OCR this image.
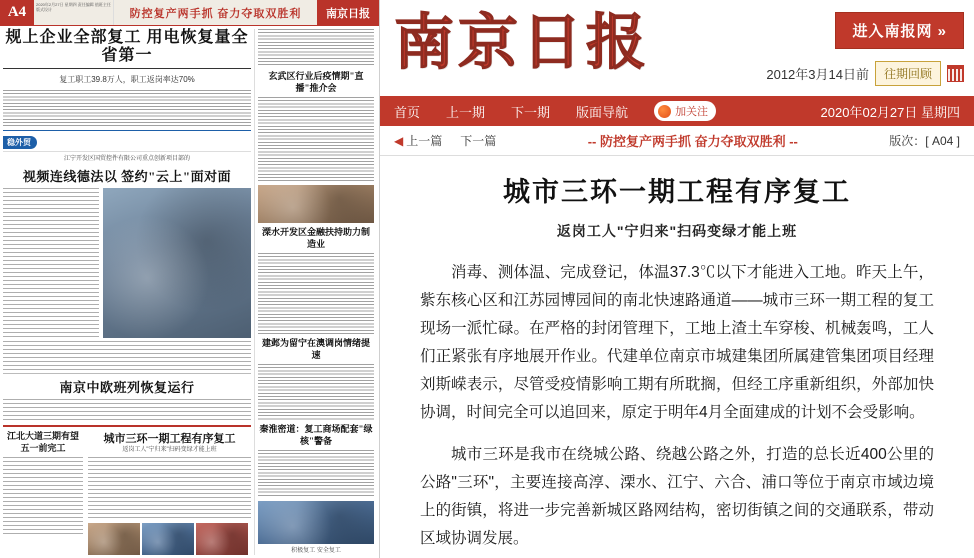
A4	2020年2月27日 星期四 责任编辑 值班主任 版式设计	防控复产两手抓 奋力夺取双胜利	南京日报
规上企业全部复工 用电恢复量全省第一
复工职工39.8万人，职工返岗率达70%
稳外贸
江宁开发区国贸控件有限公司重点创新项目部的
视频连线德法以 签约"云上"面对面
南京中欧班列恢复运行
江北大道三期有望五一前完工
城市三环一期工程有序复工
返岗工人"宁归来"扫码变绿才能上班
玄武区行业后疫情期"直播"推介会
溧水开发区金融扶持助力制造业
建邺为留宁在澳调岗情绪提速
秦淮密道：复工商场配套"绿核"警备
积极复工 安全复工
南京日报	进入南报网 »
2012年3月14日前	往期回顾
首页 上一期 下一期 版面导航	加关注	2020年02月27日 星期四
◀ 上一篇 下一篇	-- 防控复产两手抓 奋力夺取双胜利 --	版次：[ A04 ]
城市三环一期工程有序复工
返岗工人"宁归来"扫码变绿才能上班

消毒、测体温、完成登记，体温37.3℃以下才能进入工地。昨天上午，紫东核心区和江苏园博园间的南北快速路通道——城市三环一期工程的复工现场一派忙碌。在严格的封闭管理下，工地上渣土车穿梭、机械轰鸣，工人们正紧张有序地展开作业。代建单位南京市城建集团所属建管集团项目经理刘斯嵘表示，尽管受疫情影响工期有所耽搁，但经工序重新组织，外部加快协调，时间完全可以追回来，原定于明年4月全面建成的计划不会受影响。

城市三环是我市在绕城公路、绕越公路之外，打造的总长近400公里的公路"三环"，主要连接高淳、溧水、江宁、六合、浦口等位于南京市域边境上的街镇，将进一步完善新城区路网结构，密切街镇之间的交通联系，带动区域协调发展。
